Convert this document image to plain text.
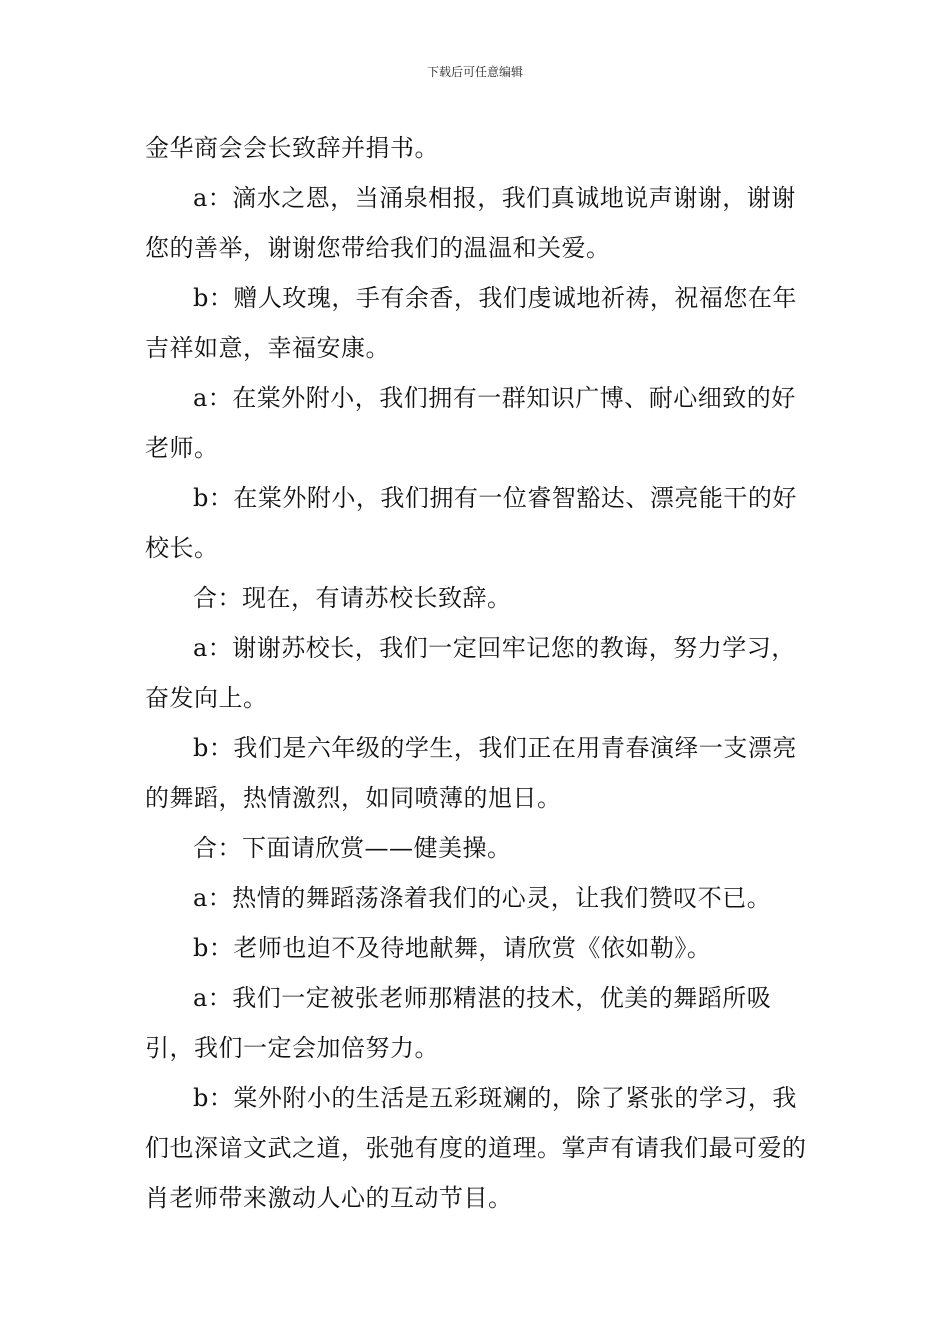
下载后可任意编辑

金华商会会长致辞并捐书。

a：滴水之恩，当涌泉相报，我们真诚地说声谢谢，谢谢您的善举，谢谢您带给我们的温温和关爱。

b：赠人玫瑰，手有余香，我们虔诚地祈祷，祝福您在年吉祥如意，幸福安康。

a：在棠外附小，我们拥有一群知识广博、耐心细致的好老师。

b：在棠外附小，我们拥有一位睿智豁达、漂亮能干的好校长。

合：现在，有请苏校长致辞。

a：谢谢苏校长，我们一定回牢记您的教诲，努力学习，奋发向上。

b：我们是六年级的学生，我们正在用青春演绎一支漂亮的舞蹈，热情激烈，如同喷薄的旭日。

合：下面请欣赏——健美操。

a：热情的舞蹈荡涤着我们的心灵，让我们赞叹不已。

b：老师也迫不及待地献舞，请欣赏《依如勒》。

a：我们一定被张老师那精湛的技术，优美的舞蹈所吸引，我们一定会加倍努力。

b：棠外附小的生活是五彩斑斓的，除了紧张的学习，我们也深谙文武之道，张弛有度的道理。掌声有请我们最可爱的肖老师带来激动人心的互动节目。
